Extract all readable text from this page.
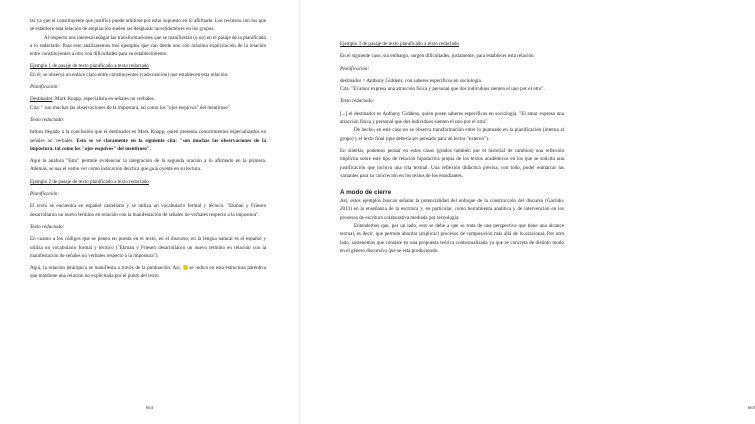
tar ya que el constituyente que justifica puede omitirse por estar supuesto en lo afirmado. Los recursos con los que se establece esta relación de ampliación suelen ser desplazar incertidumbres en los grupos.

Al respecto nos interesa indagar las transformaciones que se manifiestan (o no) en el pasaje de la planificado a lo redactado. Para esto analizaremos tres ejemplos que van desde uno con máxima explicitación de la relación entre constituyentes a otro con dificultades para su establecimiento.

Ejemplo 1 de pasaje de texto planificado a texto redactado

En él, se observa un enlace claro entre constituyentes (cada oración) que establecen esta relación:

Planificación:

Destinador: Mark Knapp, especialista en señales no verbales.

Cita: " son muchas las observaciones de la impostura, tal como los "ojos esquivos" del mentiroso"

Texto redactado:

hemos llegado a la conclusión que el destinador es Mark Knapp, quien presenta conocimientos especializados en señales no verbales. Esto se ve claramente en la siguiente cita: "son muchas las observaciones de la impostura, tal como los "ojos esquivos" del mentiroso".

Aquí la anáfora "Esto" permite evidenciar la integración de la segunda oración a lo afirmado en la primera. Además, se usa el verbo ver como indicación deíctica que guía oyente en su lectura.

Ejemplo 2 de pasaje de texto planificado a texto redactado

Planificación:

El texto se encuentra en español castellano y se utiliza un vocabulario formal y técnico. "Ekman y Friesen desarrollaron un nuevo término en relación con la manifestación de señales no verbales respecto a la impostura".

Texto redactado:

En cuanto a los códigos que se ponen en puesta en el texto, en el discurso, en la lengua natural es el español y utiliza un vocabulario formal y técnico ("Ekman y Friesen desarrollaron un nuevo término en relación con la manifestación de señales no verbales respecto a la impostura").

Aquí, la relación jerárquica se manifiesta a través de la puntuación. Así,  se indica en esta estructura paréntica que mantiene una relación no explicitada por el punto del texto.

664	665

Ejemplo 3 de pasaje de texto planificado a texto redactado

En el siguiente caso, sin embargo, surgen dificultades, justamente, para establecer esta relación.

Planificación:

destinador = Anthony Giddens, con saberes específicos en sociología.

Cita: "El amor expresa una atracción física y personal que dos individuos sienten el uno por el otro".

Texto redactado:

[...] el destinador es Anthony Giddens, quien posee saberes específicos en sociología. "El amor expresa una atracción física y personal que dos individuos sienten el uno por el otro".

De hecho, en este caso no se observa transformación entre lo puntuado en la planificación (interna al grupo) y el texto final (que debería ser pensado para un lector "externo").

En síntesis, podemos pensar en estos casos (grados también por el historial de cambios) una reflexión implícita sobre este tipo de relación hipotáctica propia de los textos académicos en los que se solicita una justificación que incluya una cita textual. Una reflexión didáctica precisa, con todo, poder enmarcar las variantes para su concreción en los textos de los estudiantes.

A modo de cierre

Así, estos ejemplos buscan señalar la potencialidad del enfoque de la construcción del discurso (Garrido, 2013) en la enseñanza de la escritura y, en particular, como herramienta analítica y de intervención en los procesos de escritura colaborativa mediada por tecnología.

Entendemos que, por un lado, esto se debe a que se trata de una perspectiva que tiene una alcance textual, es decir, que permite abordar (explicar) procesos de composición más allá de lo oracional. Por otro lado, sostenemos que consiste en una propuesta teórica contextualizada ya que se concreta de distinto modo en el género discursivo que se está produciendo.
